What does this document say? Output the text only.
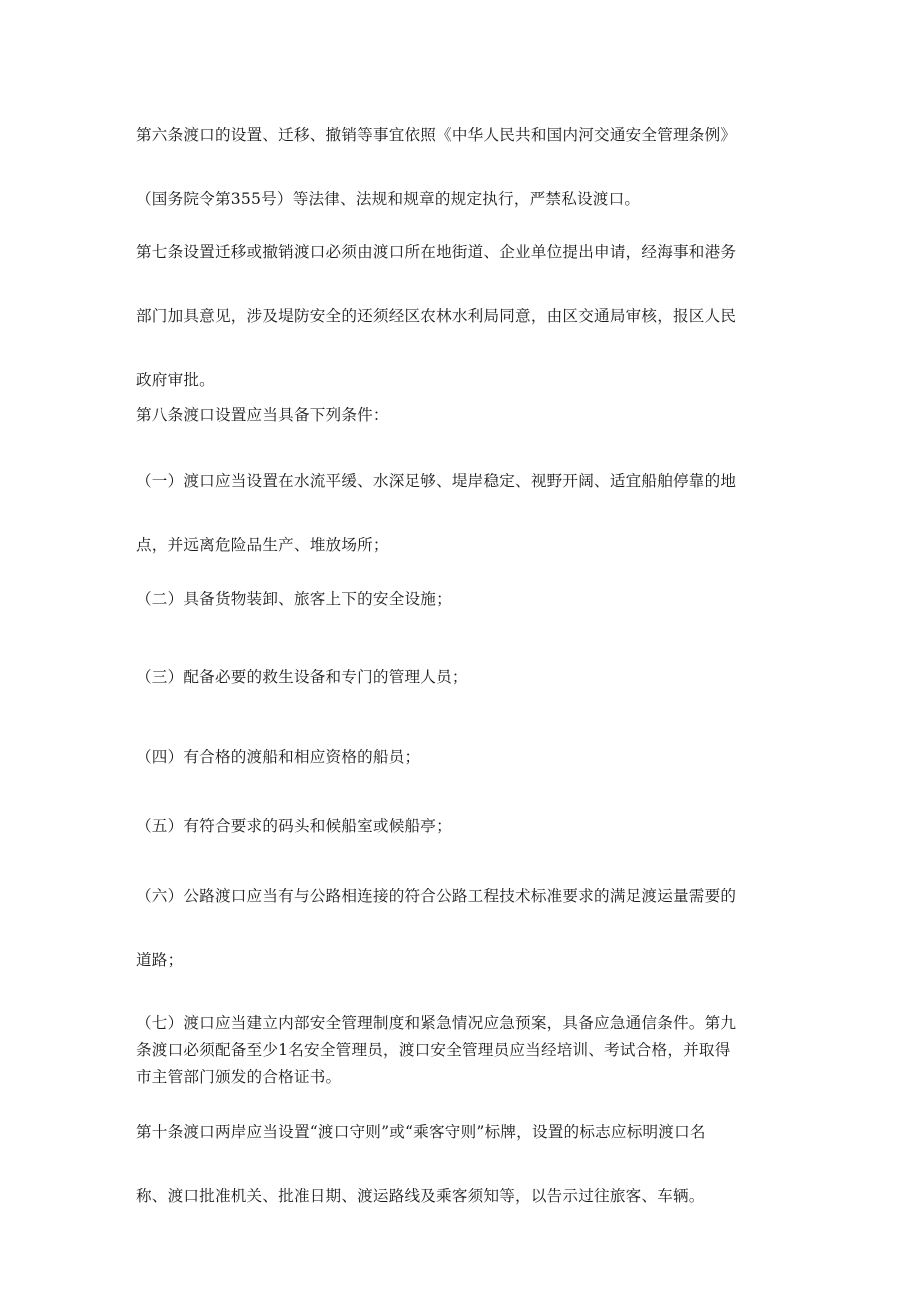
第六条渡口的设置、迁移、撤销等事宜依照《中华人民共和国内河交通安全管理条例》
（国务院令第355号）等法律、法规和规章的规定执行，严禁私设渡口。

第七条设置迁移或撤销渡口必须由渡口所在地街道、企业单位提出申请，经海事和港务
部门加具意见，涉及堤防安全的还须经区农林水利局同意，由区交通局审核，报区人民
政府审批。

第八条渡口设置应当具备下列条件：

（一）渡口应当设置在水流平缓、水深足够、堤岸稳定、视野开阔、适宜船舶停靠的地
点，并远离危险品生产、堆放场所；

（二）具备货物装卸、旅客上下的安全设施；

（三）配备必要的救生设备和专门的管理人员；

（四）有合格的渡船和相应资格的船员；

（五）有符合要求的码头和候船室或候船亭；

（六）公路渡口应当有与公路相连接的符合公路工程技术标准要求的满足渡运量需要的
道路；

（七）渡口应当建立内部安全管理制度和紧急情况应急预案，具备应急通信条件。第九
条渡口必须配备至少1名安全管理员，渡口安全管理员应当经培训、考试合格，并取得
市主管部门颁发的合格证书。

第十条渡口两岸应当设置“渡口守则”或“乘客守则”标牌，设置的标志应标明渡口名
称、渡口批准机关、批准日期、渡运路线及乘客须知等，以告示过往旅客、车辆。
